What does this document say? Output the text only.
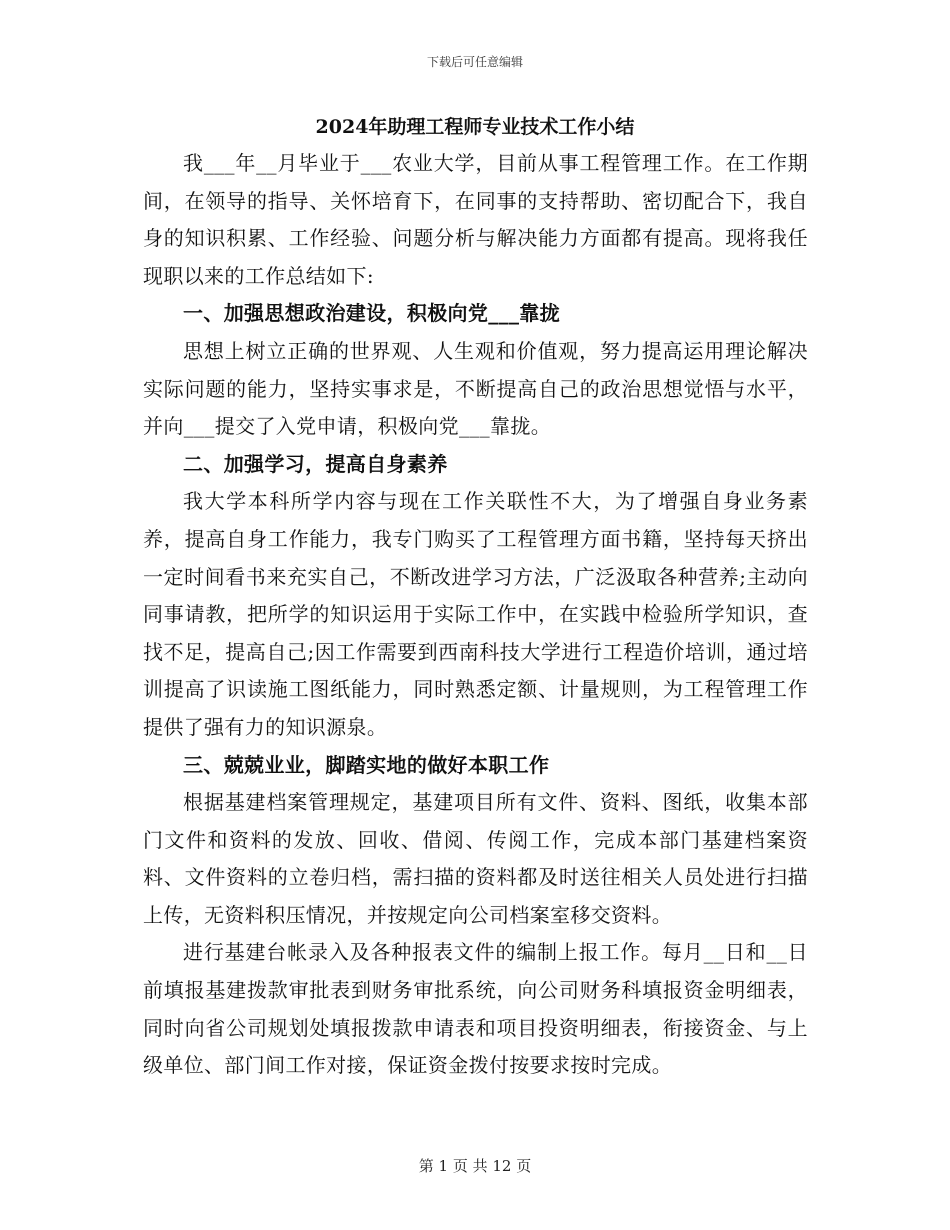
下载后可任意编辑
2024年助理工程师专业技术工作小结

我___年__月毕业于___农业大学，目前从事工程管理工作。在工作期间，在领导的指导、关怀培育下，在同事的支持帮助、密切配合下，我自身的知识积累、工作经验、问题分析与解决能力方面都有提高。现将我任现职以来的工作总结如下:

一、加强思想政治建设，积极向党___靠拢

思想上树立正确的世界观、人生观和价值观，努力提高运用理论解决实际问题的能力，坚持实事求是，不断提高自己的政治思想觉悟与水平，并向___提交了入党申请，积极向党___靠拢。

二、加强学习，提高自身素养

我大学本科所学内容与现在工作关联性不大，为了增强自身业务素养，提高自身工作能力，我专门购买了工程管理方面书籍，坚持每天挤出一定时间看书来充实自己，不断改进学习方法，广泛汲取各种营养;主动向同事请教，把所学的知识运用于实际工作中，在实践中检验所学知识，查找不足，提高自己;因工作需要到西南科技大学进行工程造价培训，通过培训提高了识读施工图纸能力，同时熟悉定额、计量规则，为工程管理工作提供了强有力的知识源泉。

三、兢兢业业，脚踏实地的做好本职工作

根据基建档案管理规定，基建项目所有文件、资料、图纸，收集本部门文件和资料的发放、回收、借阅、传阅工作，完成本部门基建档案资料、文件资料的立卷归档，需扫描的资料都及时送往相关人员处进行扫描上传，无资料积压情况，并按规定向公司档案室移交资料。

进行基建台帐录入及各种报表文件的编制上报工作。每月__日和__日前填报基建拨款审批表到财务审批系统，向公司财务科填报资金明细表，同时向省公司规划处填报拨款申请表和项目投资明细表，衔接资金、与上级单位、部门间工作对接，保证资金拨付按要求按时完成。

第 1 页 共 12 页
